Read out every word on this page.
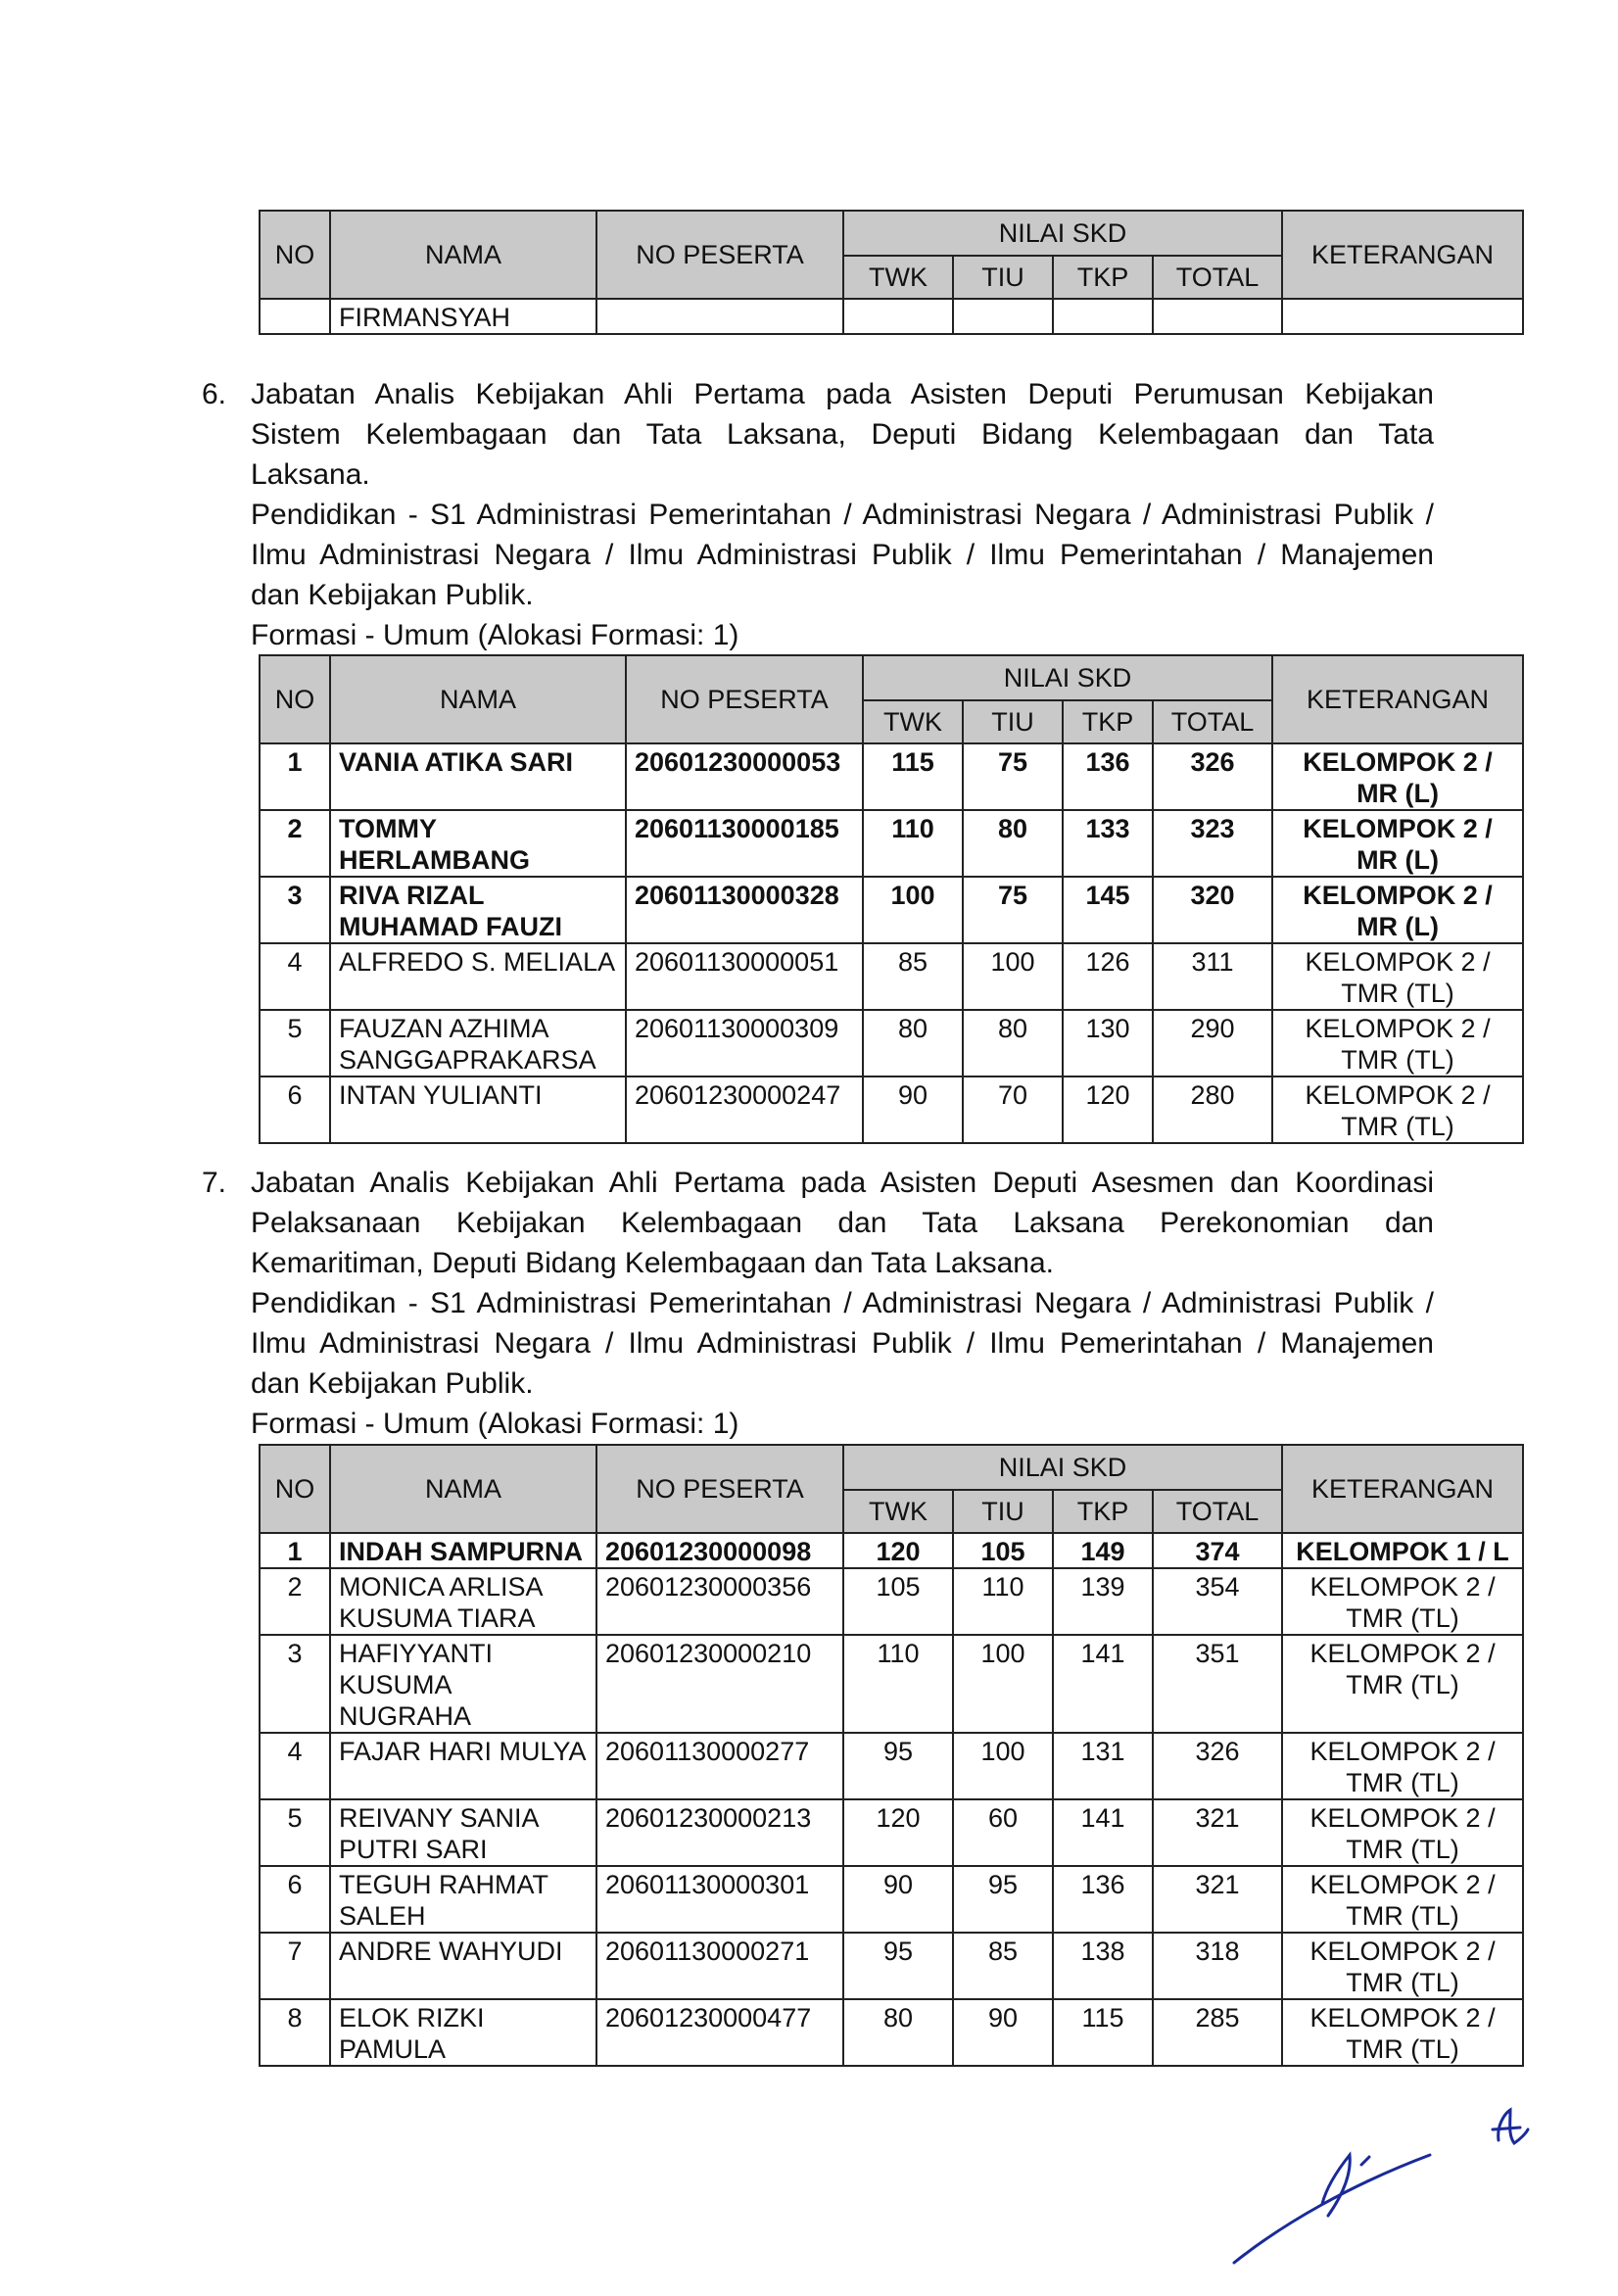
NO	NAMA	NO PESERTA	NILAI SKD				KETERANGAN
			TWK	TIU	TKP	TOTAL	
	FIRMANSYAH						
6. Jabatan Analis Kebijakan Ahli Pertama pada Asisten Deputi Perumusan Kebijakan
Sistem Kelembagaan dan Tata Laksana, Deputi Bidang Kelembagaan dan Tata
Laksana.
Pendidikan - S1 Administrasi Pemerintahan / Administrasi Negara / Administrasi Publik /
Ilmu Administrasi Negara / Ilmu Administrasi Publik / Ilmu Pemerintahan / Manajemen
dan Kebijakan Publik.
Formasi - Umum (Alokasi Formasi: 1)
NO	NAMA	NO PESERTA	NILAI SKD				KETERANGAN
			TWK	TIU	TKP	TOTAL	
1	VANIA ATIKA SARI	20601230000053	115	75	136	326	KELOMPOK 2 / MR (L)
2	TOMMY HERLAMBANG	20601130000185	110	80	133	323	KELOMPOK 2 / MR (L)
3	RIVA RIZAL MUHAMAD FAUZI	20601130000328	100	75	145	320	KELOMPOK 2 / MR (L)
4	ALFREDO S. MELIALA	20601130000051	85	100	126	311	KELOMPOK 2 / TMR (TL)
5	FAUZAN AZHIMA SANGGAPRAKARSA	20601130000309	80	80	130	290	KELOMPOK 2 / TMR (TL)
6	INTAN YULIANTI	20601230000247	90	70	120	280	KELOMPOK 2 / TMR (TL)
7. Jabatan Analis Kebijakan Ahli Pertama pada Asisten Deputi Asesmen dan Koordinasi
Pelaksanaan Kebijakan Kelembagaan dan Tata Laksana Perekonomian dan
Kemaritiman, Deputi Bidang Kelembagaan dan Tata Laksana.
Pendidikan - S1 Administrasi Pemerintahan / Administrasi Negara / Administrasi Publik /
Ilmu Administrasi Negara / Ilmu Administrasi Publik / Ilmu Pemerintahan / Manajemen
dan Kebijakan Publik.
Formasi - Umum (Alokasi Formasi: 1)
NO	NAMA	NO PESERTA	NILAI SKD				KETERANGAN
			TWK	TIU	TKP	TOTAL	
1	INDAH SAMPURNA	20601230000098	120	105	149	374	KELOMPOK 1 / L
2	MONICA ARLISA KUSUMA TIARA	20601230000356	105	110	139	354	KELOMPOK 2 / TMR (TL)
3	HAFIYYANTI KUSUMA NUGRAHA	20601230000210	110	100	141	351	KELOMPOK 2 / TMR (TL)
4	FAJAR HARI MULYA	20601130000277	95	100	131	326	KELOMPOK 2 / TMR (TL)
5	REIVANY SANIA PUTRI SARI	20601230000213	120	60	141	321	KELOMPOK 2 / TMR (TL)
6	TEGUH RAHMAT SALEH	20601130000301	90	95	136	321	KELOMPOK 2 / TMR (TL)
7	ANDRE WAHYUDI	20601130000271	95	85	138	318	KELOMPOK 2 / TMR (TL)
8	ELOK RIZKI PAMULA	20601230000477	80	90	115	285	KELOMPOK 2 / TMR (TL)
